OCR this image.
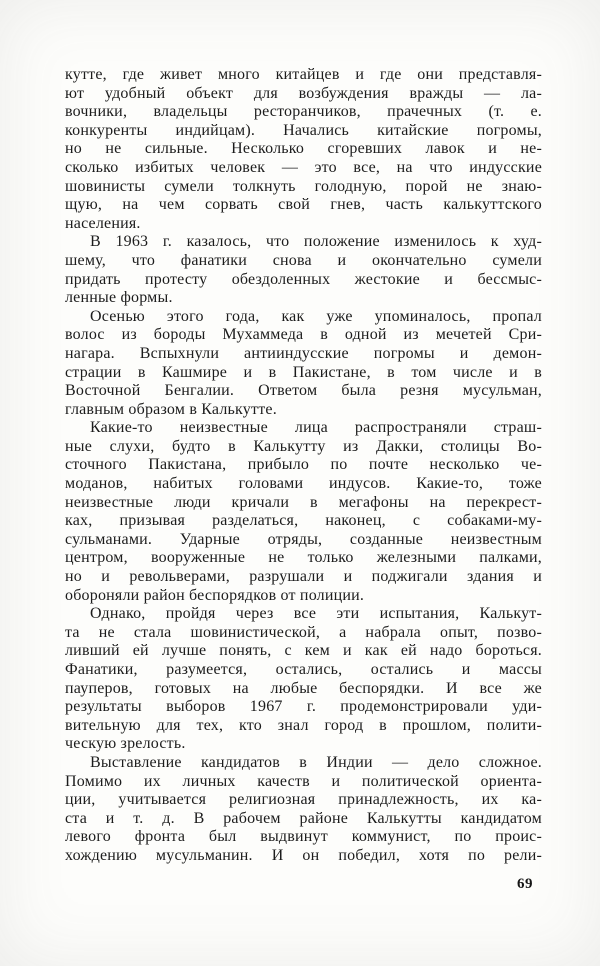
кутте, где живет много китайцев и где они представля-
ют удобный объект для возбуждения вражды — ла-
вочники, владельцы ресторанчиков, прачечных (т. е.
конкуренты индийцам). Начались китайские погромы,
но не сильные. Несколько сгоревших лавок и не-
сколько избитых человек — это все, на что индусские
шовинисты сумели толкнуть голодную, порой не знаю-
щую, на чем сорвать свой гнев, часть калькуттского
населения.
В 1963 г. казалось, что положение изменилось к худ-
шему, что фанатики снова и окончательно сумели
придать протесту обездоленных жестокие и бессмыс-
ленные формы.
Осенью этого года, как уже упоминалось, пропал
волос из бороды Мухаммеда в одной из мечетей Сри-
нагара. Вспыхнули антииндусские погромы и демон-
страции в Кашмире и в Пакистане, в том числе и в
Восточной Бенгалии. Ответом была резня мусульман,
главным образом в Калькутте.
Какие-то неизвестные лица распространяли страш-
ные слухи, будто в Калькутту из Дакки, столицы Во-
сточного Пакистана, прибыло по почте несколько че-
моданов, набитых головами индусов. Какие-то, тоже
неизвестные люди кричали в мегафоны на перекрест-
ках, призывая разделаться, наконец, с собаками-му-
сульманами. Ударные отряды, созданные неизвестным
центром, вооруженные не только железными палками,
но и револьверами, разрушали и поджигали здания и
обороняли район беспорядков от полиции.
Однако, пройдя через все эти испытания, Калькут-
та не стала шовинистической, а набрала опыт, позво-
ливший ей лучше понять, с кем и как ей надо бороться.
Фанатики, разумеется, остались, остались и массы
пауперов, готовых на любые беспорядки. И все же
результаты выборов 1967 г. продемонстрировали уди-
вительную для тех, кто знал город в прошлом, полити-
ческую зрелость.
Выставление кандидатов в Индии — дело сложное.
Помимо их личных качеств и политической ориента-
ции, учитывается религиозная принадлежность, их ка-
ста и т. д. В рабочем районе Калькутты кандидатом
левого фронта был выдвинут коммунист, по проис-
хождению мусульманин. И он победил, хотя по рели-
69
